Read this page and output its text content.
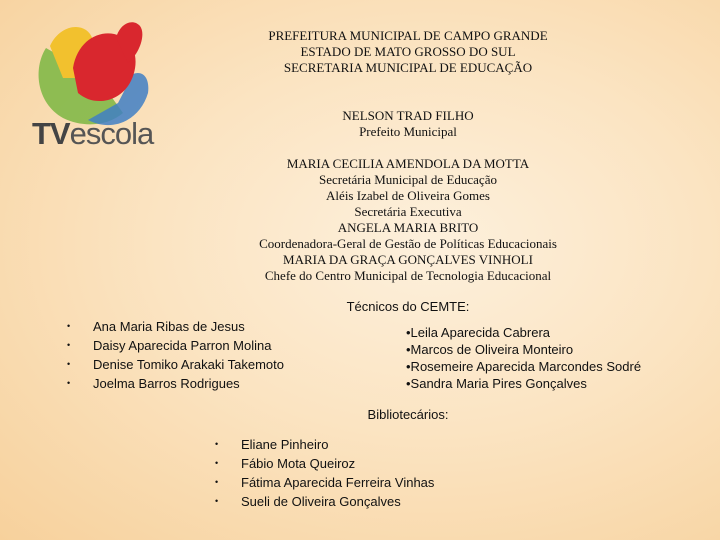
TVescola
PREFEITURA MUNICIPAL DE CAMPO GRANDE
ESTADO DE MATO GROSSO DO SUL
SECRETARIA MUNICIPAL DE EDUCAÇÃO
NELSON TRAD FILHO
Prefeito Municipal
MARIA CECILIA AMENDOLA DA MOTTA
Secretária Municipal de Educação
Aléis Izabel de Oliveira Gomes
Secretária Executiva
ANGELA MARIA BRITO
Coordenadora-Geral de Gestão de Políticas Educacionais
MARIA DA GRAÇA GONÇALVES VINHOLI
Chefe do Centro Municipal de Tecnologia Educacional
Técnicos do CEMTE:
• Ana Maria Ribas de Jesus
• Daisy Aparecida Parron Molina
• Denise Tomiko Arakaki Takemoto
• Joelma Barros Rodrigues
•Leila Aparecida Cabrera
•Marcos de Oliveira Monteiro
•Rosemeire Aparecida Marcondes Sodré
•Sandra Maria Pires Gonçalves
Bibliotecários:
• Eliane Pinheiro
• Fábio Mota Queiroz
• Fátima Aparecida Ferreira Vinhas
• Sueli de Oliveira Gonçalves
